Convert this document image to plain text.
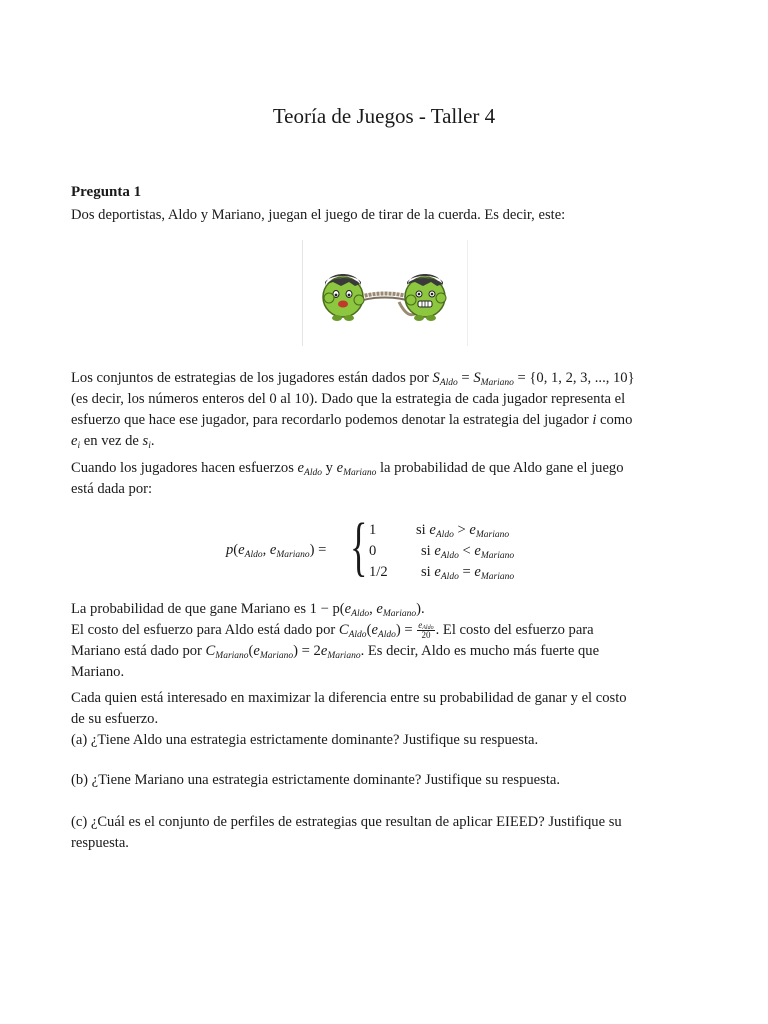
Teoría de Juegos - Taller 4
Pregunta 1
Dos deportistas, Aldo y Mariano, juegan el juego de tirar de la cuerda. Es decir, este:
Los conjuntos de estrategias de los jugadores están dados por $S_{Aldo} = S_{Mariano} = \{0$, 1, 2, 3, ..., 10}
(es decir, los números enteros del 0 al 10). Dado que la estrategia de cada jugador representa el
esfuerzo que hace ese jugador, para recordarlo podemos denotar la estrategia del jugador i como
$e_i$ en vez de $s_i$.
Cuando los jugadores hacen esfuerzos $e_{Aldo}$ y $e_{Mariano}$ la probabilidad de que Aldo gane el juego
está dada por:
$p(e_{Aldo}$, $e_{Mariano}$) = { 1	si $e_{Aldo} > e_{Mariano}$
0	si $e_{Aldo} < e_{Mariano}$
1/2 si $e_{Aldo} = e_{Mariano}$
La probabilidad de que gane Mariano es $1 - p(e_{Aldo}$, $e_{Mariano}$).
El costo del esfuerzo para Aldo está dado por $C_{Aldo}(e_{Aldo}) = \frac{e_{Aldo}}{20}$ . El costo del esfuerzo para
Mariano está dado por $C_{Mariano}(e_{Mariano}) = 2e_{Mariano}$. Es decir, Aldo es mucho más fuerte que
Mariano.
Cada quien está interesado en maximizar la diferencia entre su probabilidad de ganar y el costo
de su esfuerzo.
(a) ¿Tiene Aldo una estrategia estrictamente dominante? Justifique su respuesta.
(b) ¿Tiene Mariano una estrategia estrictamente dominante? Justifique su respuesta.
(c) ¿Cuál es el conjunto de perfiles de estrategias que resultan de aplicar EIEED? Justifique su
respuesta.
